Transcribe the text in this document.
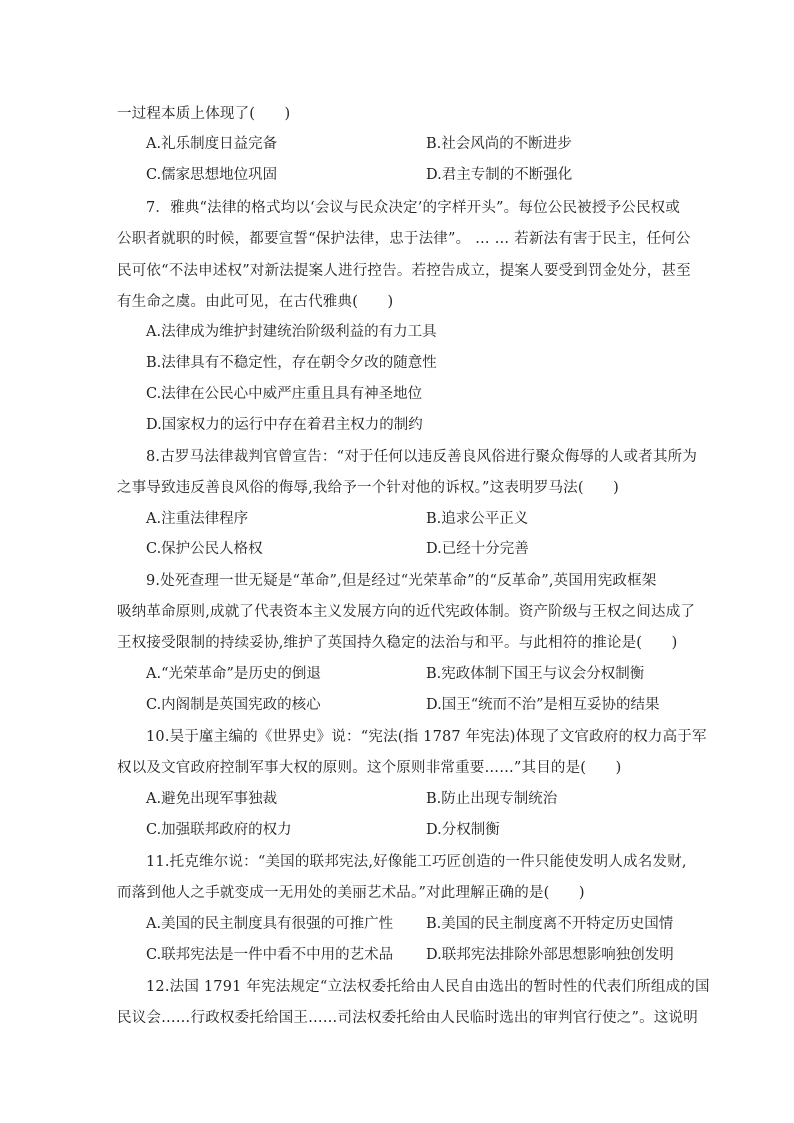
一过程本质上体现了(　　)
A.礼乐制度日益完备	B.社会风尚的不断进步
C.儒家思想地位巩固	D.君主专制的不断强化
7．雅典“法律的格式均以‘会议与民众决定’的字样开头”。每位公民被授予公民权或
公职者就职的时候，都要宣誓“保护法律，忠于法律”。 … … 若新法有害于民主，任何公
民可依“不法申述权”对新法提案人进行控告。若控告成立，提案人要受到罚金处分，甚至
有生命之虞。由此可见，在古代雅典(　　)
A.法律成为维护封建统治阶级利益的有力工具
B.法律具有不稳定性，存在朝令夕改的随意性
C.法律在公民心中威严庄重且具有神圣地位
D.国家权力的运行中存在着君主权力的制约
8.古罗马法律裁判官曾宣告：“对于任何以违反善良风俗进行聚众侮辱的人或者其所为
之事导致违反善良风俗的侮辱,我给予一个针对他的诉权。”这表明罗马法(　　)
A.注重法律程序	B.追求公平正义
C.保护公民人格权	D.已经十分完善
9.处死查理一世无疑是“革命”,但是经过“光荣革命”的“反革命”,英国用宪政框架
吸纳革命原则,成就了代表资本主义发展方向的近代宪政体制。资产阶级与王权之间达成了
王权接受限制的持续妥协,维护了英国持久稳定的法治与和平。与此相符的推论是(　　)
A.“光荣革命”是历史的倒退	B.宪政体制下国王与议会分权制衡
C.内阁制是英国宪政的核心	D.国王“统而不治”是相互妥协的结果
10.吴于廑主编的《世界史》说：“宪法(指 1787 年宪法)体现了文官政府的权力高于军
权以及文官政府控制军事大权的原则。这个原则非常重要……”其目的是(　　)
A.避免出现军事独裁	B.防止出现专制统治
C.加强联邦政府的权力	D.分权制衡
11.托克维尔说：“美国的联邦宪法,好像能工巧匠创造的一件只能使发明人成名发财,
而落到他人之手就变成一无用处的美丽艺术品。”对此理解正确的是(　　)
A.美国的民主制度具有很强的可推广性 B.美国的民主制度离不开特定历史国情
C.联邦宪法是一件中看不中用的艺术品 D.联邦宪法排除外部思想影响独创发明
12.法国 1791 年宪法规定“立法权委托给由人民自由选出的暂时性的代表们所组成的国
民议会……行政权委托给国王……司法权委托给由人民临时选出的审判官行使之”。这说明
